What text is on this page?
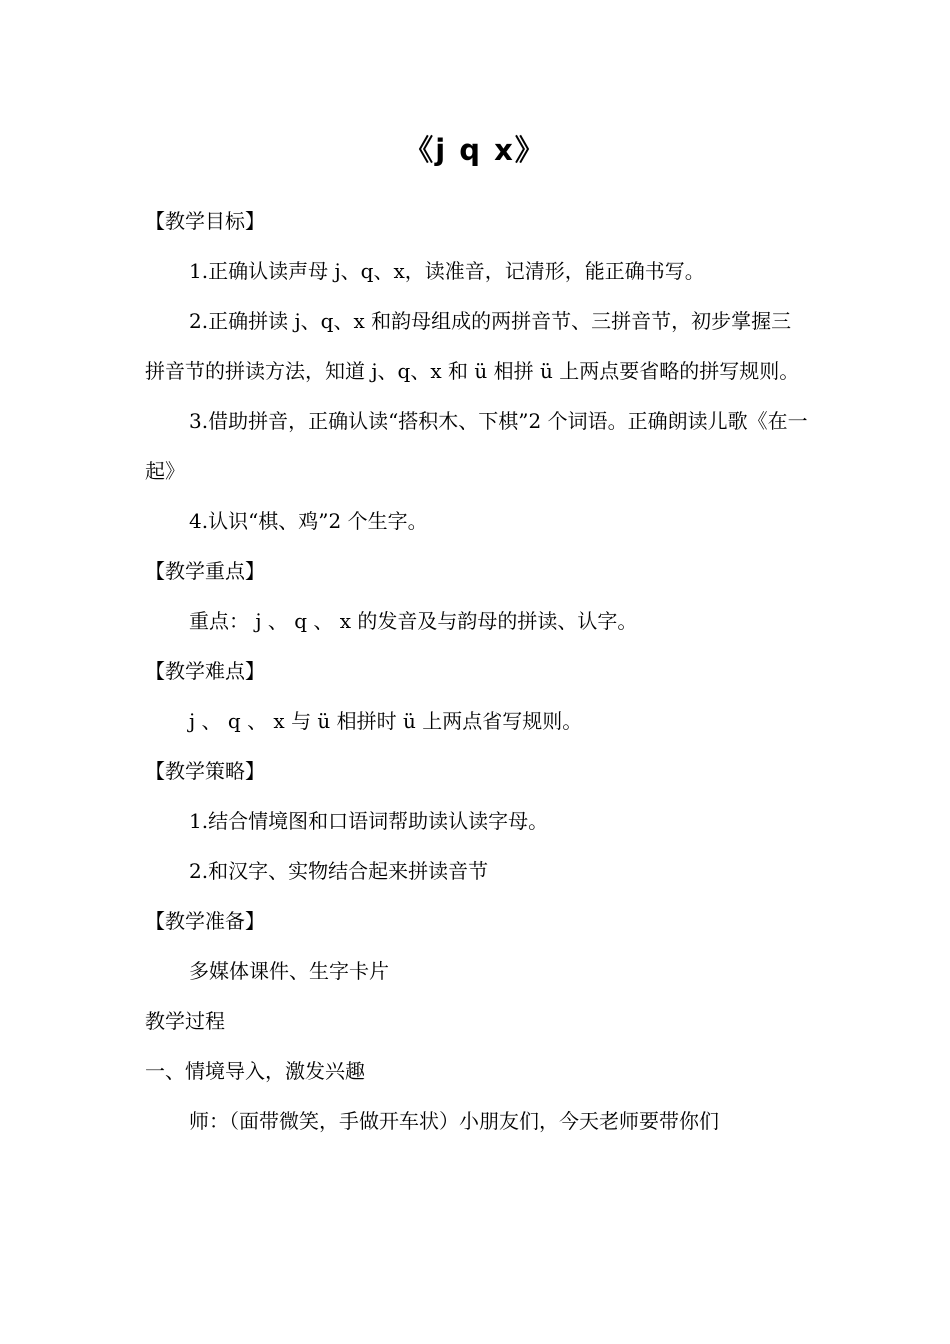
《j q x》

【教学目标】

1.正确认读声母 j、q、x，读准音，记清形，能正确书写。

2.正确拼读 j、q、x 和韵母组成的两拼音节、三拼音节，初步掌握三拼音节的拼读方法，知道 j、q、x 和 ü 相拼 ü 上两点要省略的拼写规则。

3.借助拼音，正确认读“搭积木、下棋”2 个词语。正确朗读儿歌《在一起》

4.认识“棋、鸡”2 个生字。

【教学重点】

重点： j 、 q 、 x 的发音及与韵母的拼读、认字。

【教学难点】

j 、 q 、 x 与 ü 相拼时 ü 上两点省写规则。

【教学策略】

1.结合情境图和口语词帮助读认读字母。

2.和汉字、实物结合起来拼读音节

【教学准备】

多媒体课件、生字卡片

教学过程

一、情境导入，激发兴趣

师：（面带微笑，手做开车状）小朋友们，今天老师要带你们
